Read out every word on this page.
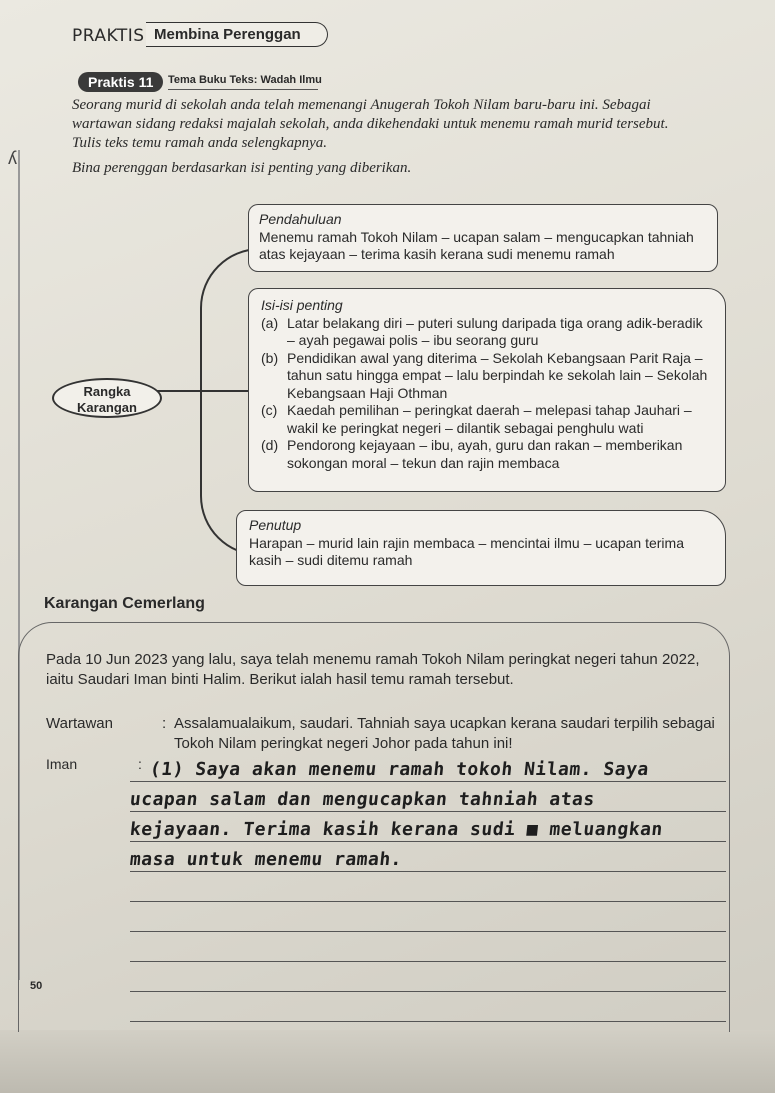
PRAKTIS Membina Perenggan
Praktis 11	Tema Buku Teks: Wadah Ilmu
ʎ
Seorang murid di sekolah anda telah memenangi Anugerah Tokoh Nilam baru-baru ini. Sebagai wartawan sidang redaksi majalah sekolah, anda dikehendaki untuk menemu ramah murid tersebut.
Tulis teks temu ramah anda selengkapnya.
Bina perenggan berdasarkan isi penting yang diberikan.
Rangka
Karangan
Pendahuluan
Menemu ramah Tokoh Nilam – ucapan salam – mengucapkan tahniah atas kejayaan – terima kasih kerana sudi menemu ramah
Isi-isi penting
(a) Latar belakang diri – puteri sulung daripada tiga orang adik-beradik – ayah pegawai polis – ibu seorang guru
(b) Pendidikan awal yang diterima – Sekolah Kebangsaan Parit Raja – tahun satu hingga empat – lalu berpindah ke sekolah lain – Sekolah Kebangsaan Haji Othman
(c) Kaedah pemilihan – peringkat daerah – melepasi tahap Jauhari – wakil ke peringkat negeri – dilantik sebagai penghulu wati
(d) Pendorong kejayaan – ibu, ayah, guru dan rakan – memberikan sokongan moral – tekun dan rajin membaca
Penutup
Harapan – murid lain rajin membaca – mencintai ilmu – ucapan terima kasih – sudi ditemu ramah
Karangan Cemerlang
Pada 10 Jun 2023 yang lalu, saya telah menemu ramah Tokoh Nilam peringkat negeri tahun 2022, iaitu Saudari Iman binti Halim. Berikut ialah hasil temu ramah tersebut.
Wartawan	: Assalamualaikum, saudari. Tahniah saya ucapkan kerana saudari terpilih sebagai Tokoh Nilam peringkat negeri Johor pada tahun ini!
Iman	: (1) Saya akan menemu ramah tokoh Nilam. Saya
ucapan salam dan mengucapkan tahniah atas
kejayaan. Terima kasih kerana sudi ■ meluangkan
masa untuk menemu ramah.
50
